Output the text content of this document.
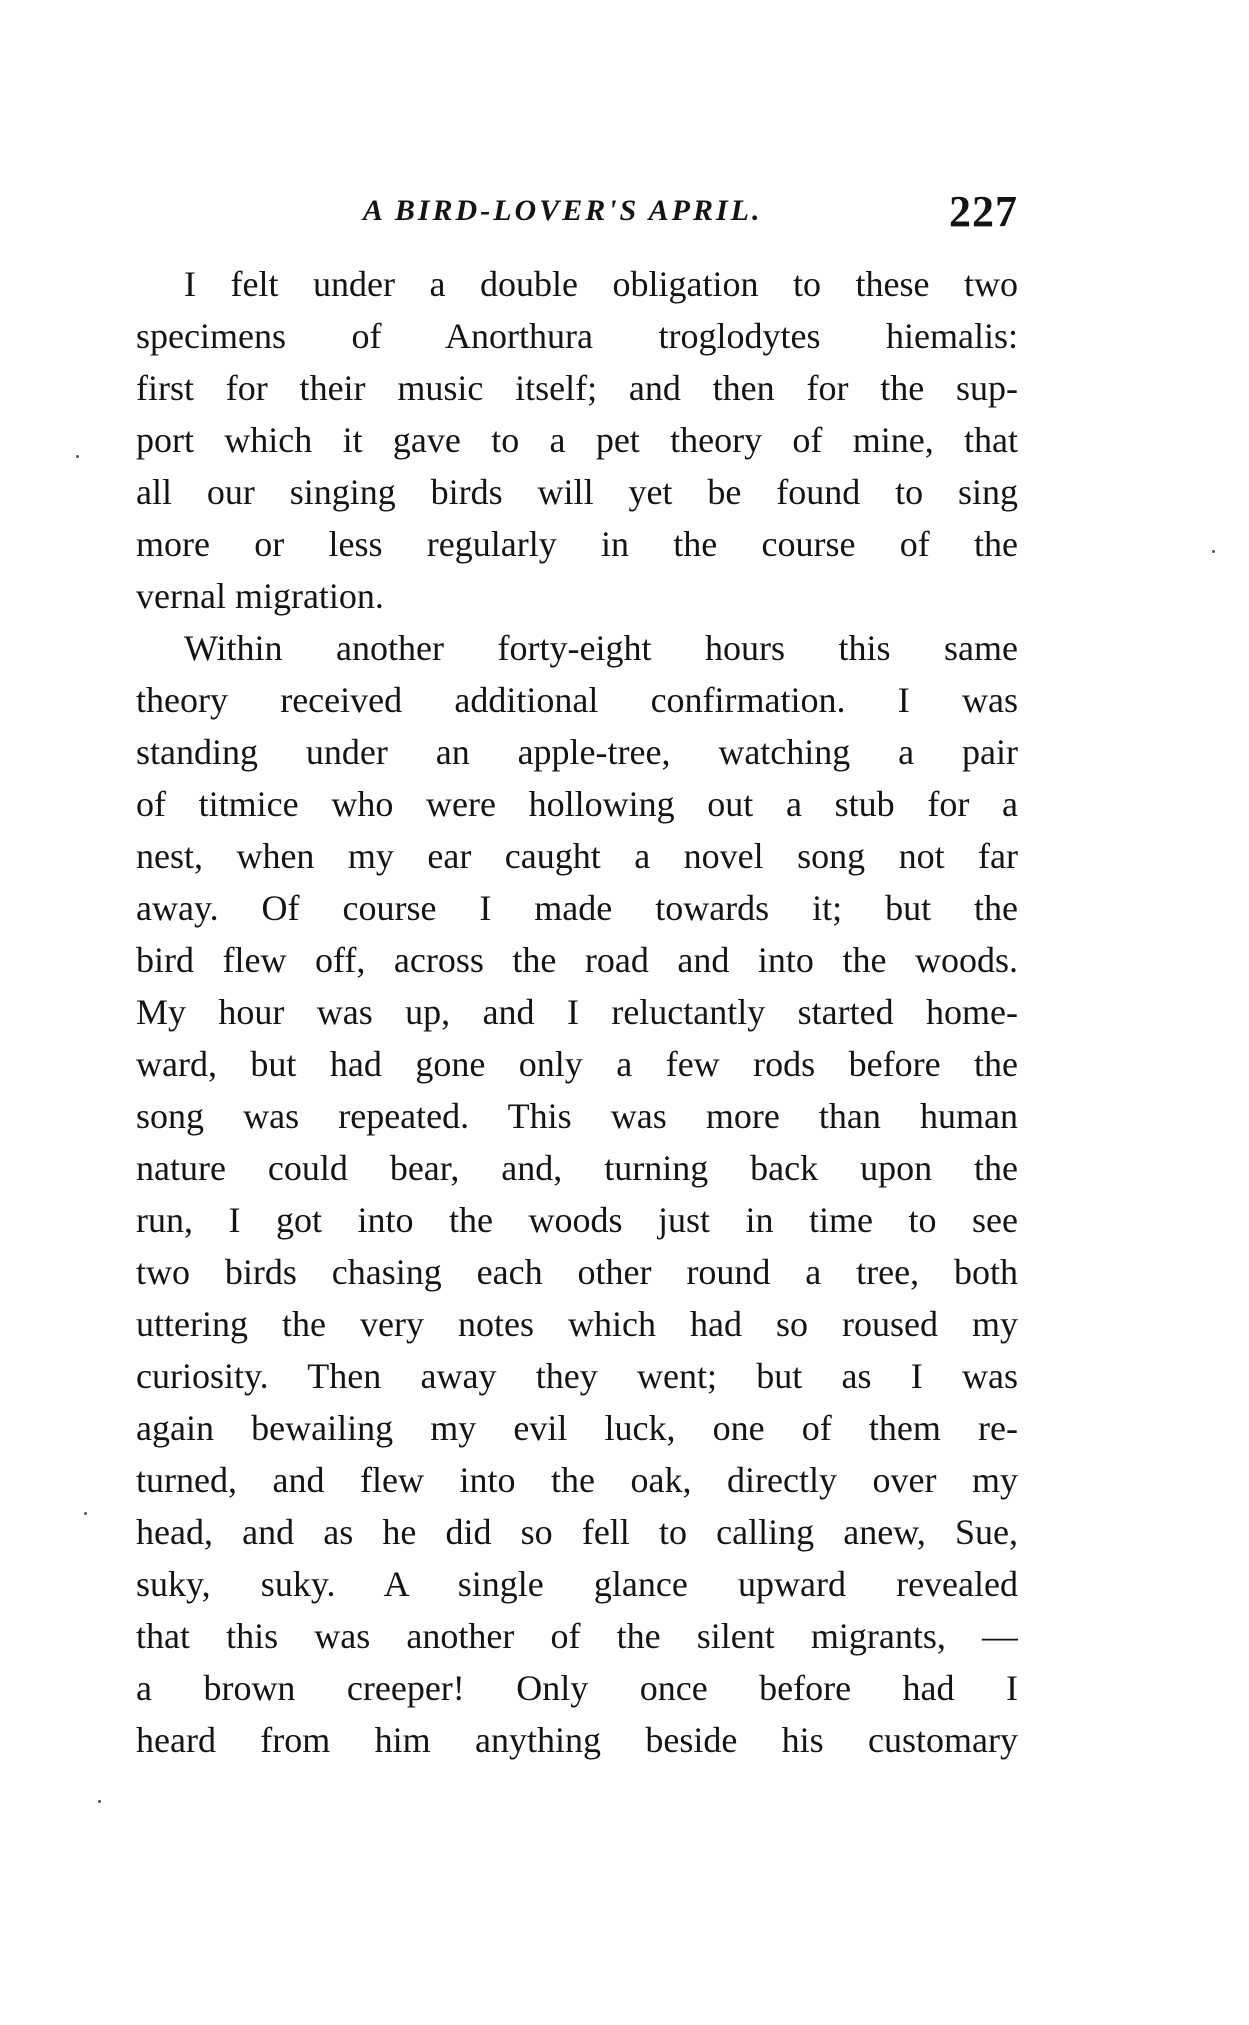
A BIRD-LOVER'S APRIL.	227
I felt under a double obligation to these two
specimens of Anorthura troglodytes hiemalis:
first for their music itself; and then for the sup-
port which it gave to a pet theory of mine, that
all our singing birds will yet be found to sing
more or less regularly in the course of the
vernal migration.
Within another forty-eight hours this same
theory received additional confirmation. I was
standing under an apple-tree, watching a pair
of titmice who were hollowing out a stub for a
nest, when my ear caught a novel song not far
away. Of course I made towards it; but the
bird flew off, across the road and into the woods.
My hour was up, and I reluctantly started home-
ward, but had gone only a few rods before the
song was repeated. This was more than human
nature could bear, and, turning back upon the
run, I got into the woods just in time to see
two birds chasing each other round a tree, both
uttering the very notes which had so roused my
curiosity. Then away they went; but as I was
again bewailing my evil luck, one of them re-
turned, and flew into the oak, directly over my
head, and as he did so fell to calling anew, Sue,
suky, suky. A single glance upward revealed
that this was another of the silent migrants, —
a brown creeper! Only once before had I
heard from him anything beside his customary
